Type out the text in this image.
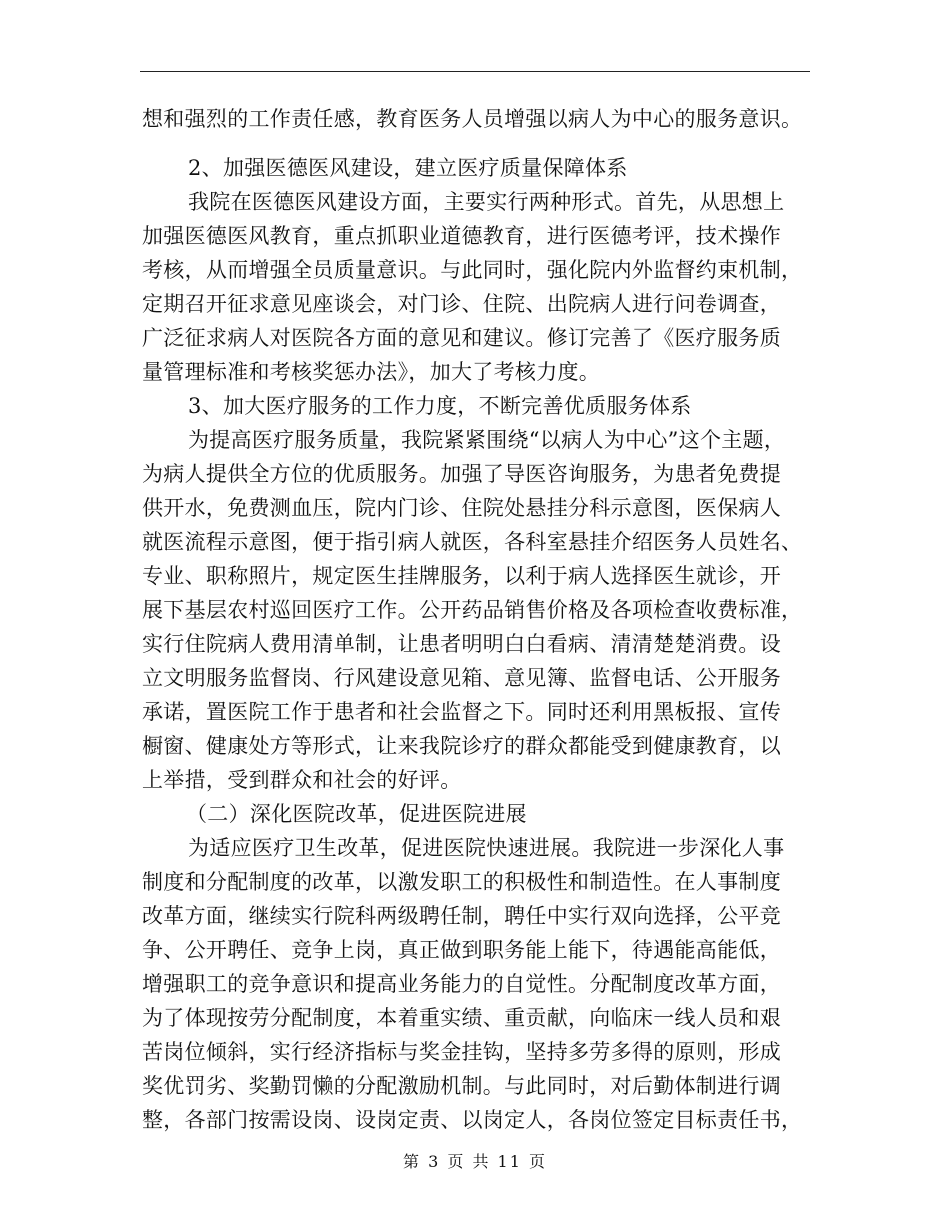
想和强烈的工作责任感，教育医务人员增强以病人为中心的服务意识。
2、加强医德医风建设，建立医疗质量保障体系
我院在医德医风建设方面，主要实行两种形式。首先，从思想上
加强医德医风教育，重点抓职业道德教育，进行医德考评，技术操作
考核，从而增强全员质量意识。与此同时，强化院内外监督约束机制，
定期召开征求意见座谈会，对门诊、住院、出院病人进行问卷调查，
广泛征求病人对医院各方面的意见和建议。修订完善了《医疗服务质
量管理标准和考核奖惩办法》，加大了考核力度。
3、加大医疗服务的工作力度，不断完善优质服务体系
为提高医疗服务质量，我院紧紧围绕“以病人为中心”这个主题，
为病人提供全方位的优质服务。加强了导医咨询服务，为患者免费提
供开水，免费测血压，院内门诊、住院处悬挂分科示意图，医保病人
就医流程示意图，便于指引病人就医，各科室悬挂介绍医务人员姓名、
专业、职称照片，规定医生挂牌服务，以利于病人选择医生就诊，开
展下基层农村巡回医疗工作。公开药品销售价格及各项检查收费标准，
实行住院病人费用清单制，让患者明明白白看病、清清楚楚消费。设
立文明服务监督岗、行风建设意见箱、意见簿、监督电话、公开服务
承诺，置医院工作于患者和社会监督之下。同时还利用黑板报、宣传
橱窗、健康处方等形式，让来我院诊疗的群众都能受到健康教育，以
上举措，受到群众和社会的好评。
（二）深化医院改革，促进医院进展
为适应医疗卫生改革，促进医院快速进展。我院进一步深化人事
制度和分配制度的改革，以激发职工的积极性和制造性。在人事制度
改革方面，继续实行院科两级聘任制，聘任中实行双向选择，公平竞
争、公开聘任、竞争上岗，真正做到职务能上能下，待遇能高能低，
增强职工的竞争意识和提高业务能力的自觉性。分配制度改革方面，
为了体现按劳分配制度，本着重实绩、重贡献，向临床一线人员和艰
苦岗位倾斜，实行经济指标与奖金挂钩，坚持多劳多得的原则，形成
奖优罚劣、奖勤罚懒的分配激励机制。与此同时，对后勤体制进行调
整，各部门按需设岗、设岗定责、以岗定人，各岗位签定目标责任书，
第 3 页 共 11 页
